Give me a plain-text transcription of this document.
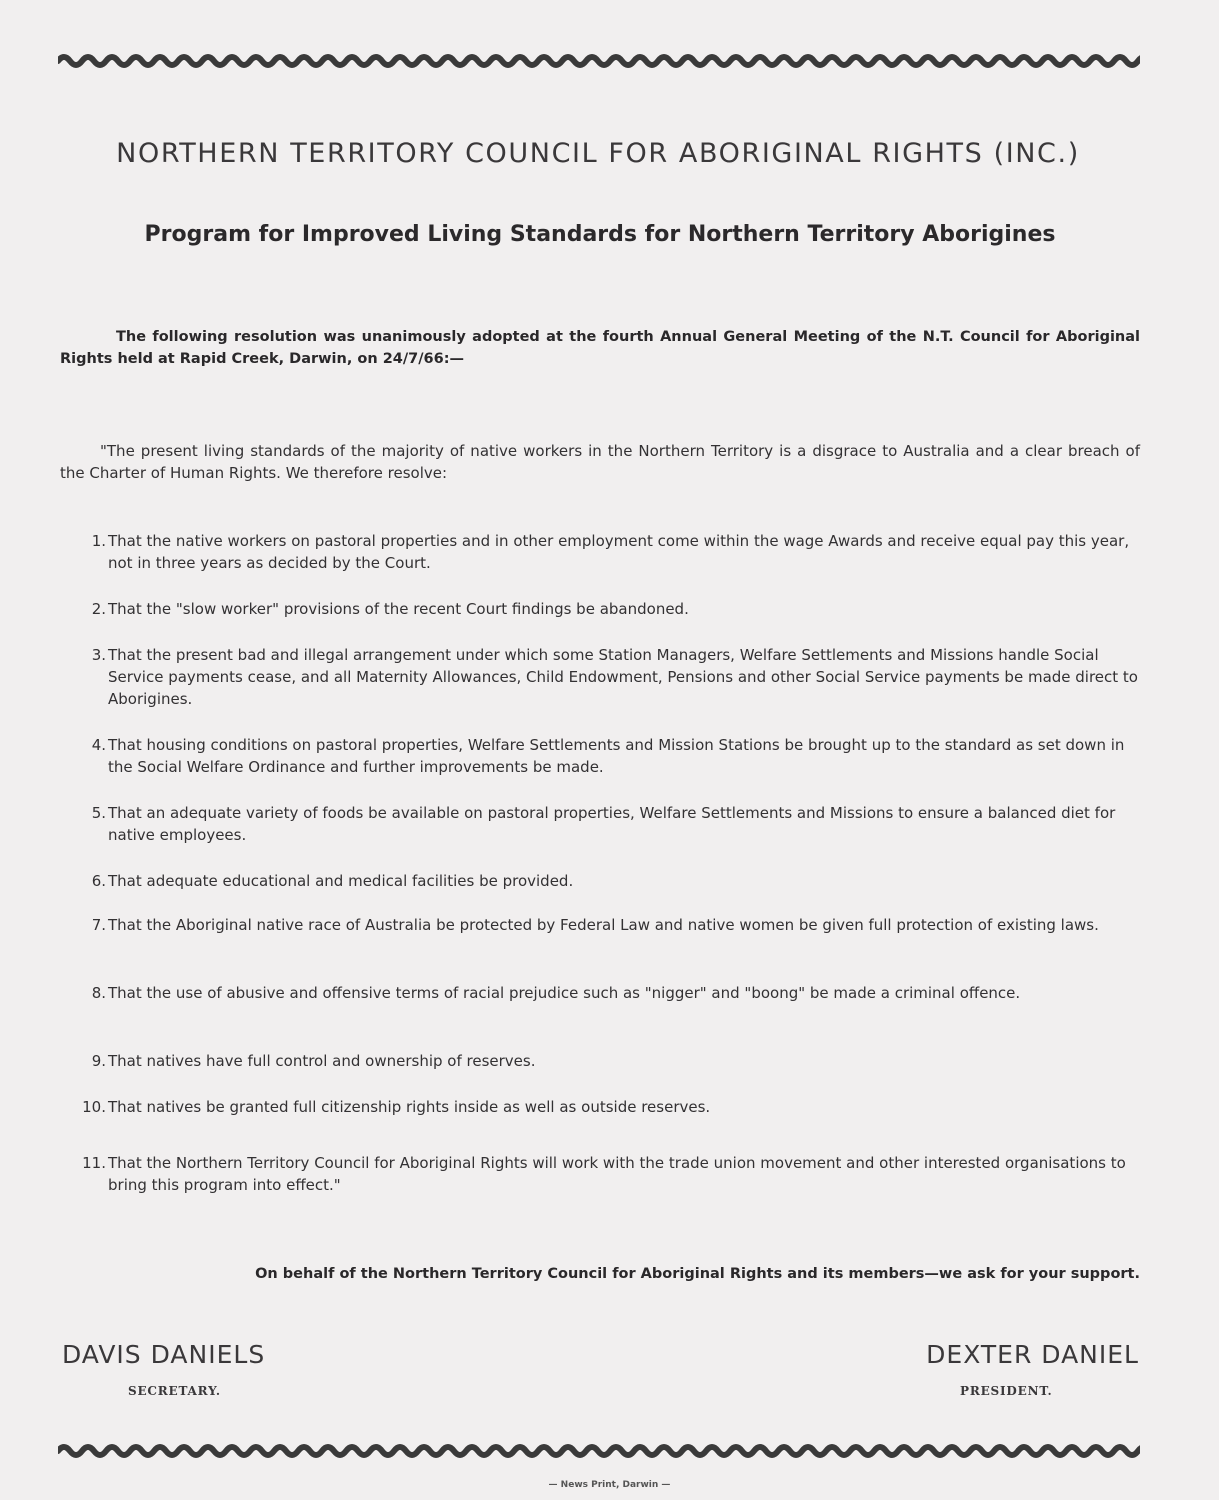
NORTHERN TERRITORY COUNCIL FOR ABORIGINAL RIGHTS (INC.)
Program for Improved Living Standards for Northern Territory Aborigines
The following resolution was unanimously adopted at the fourth Annual General Meeting of the N.T. Council for Aboriginal Rights held at Rapid Creek, Darwin, on 24/7/66:—
"The present living standards of the majority of native workers in the Northern Territory is a disgrace to Australia and a clear breach of the Charter of Human Rights. We therefore resolve:
1. That the native workers on pastoral properties and in other employment come within the wage Awards and receive equal pay this year, not in three years as decided by the Court.
2. That the "slow worker" provisions of the recent Court findings be abandoned.
3. That the present bad and illegal arrangement under which some Station Managers, Welfare Settlements and Missions handle Social Service payments cease, and all Maternity Allowances, Child Endowment, Pensions and other Social Service payments be made direct to Aborigines.
4. That housing conditions on pastoral properties, Welfare Settlements and Mission Stations be brought up to the standard as set down in the Social Welfare Ordinance and further improvements be made.
5. That an adequate variety of foods be available on pastoral properties, Welfare Settlements and Missions to ensure a balanced diet for native employees.
6. That adequate educational and medical facilities be provided.
7. That the Aboriginal native race of Australia be protected by Federal Law and native women be given full protection of existing laws.
8. That the use of abusive and offensive terms of racial prejudice such as "nigger" and "boong" be made a criminal offence.
9. That natives have full control and ownership of reserves.
10. That natives be granted full citizenship rights inside as well as outside reserves.
11. That the Northern Territory Council for Aboriginal Rights will work with the trade union movement and other interested organisations to bring this program into effect."
On behalf of the Northern Territory Council for Aboriginal Rights and its members—we ask for your support.
DAVIS DANIELS
SECRETARY.
DEXTER DANIEL
PRESIDENT.
— News Print, Darwin —
